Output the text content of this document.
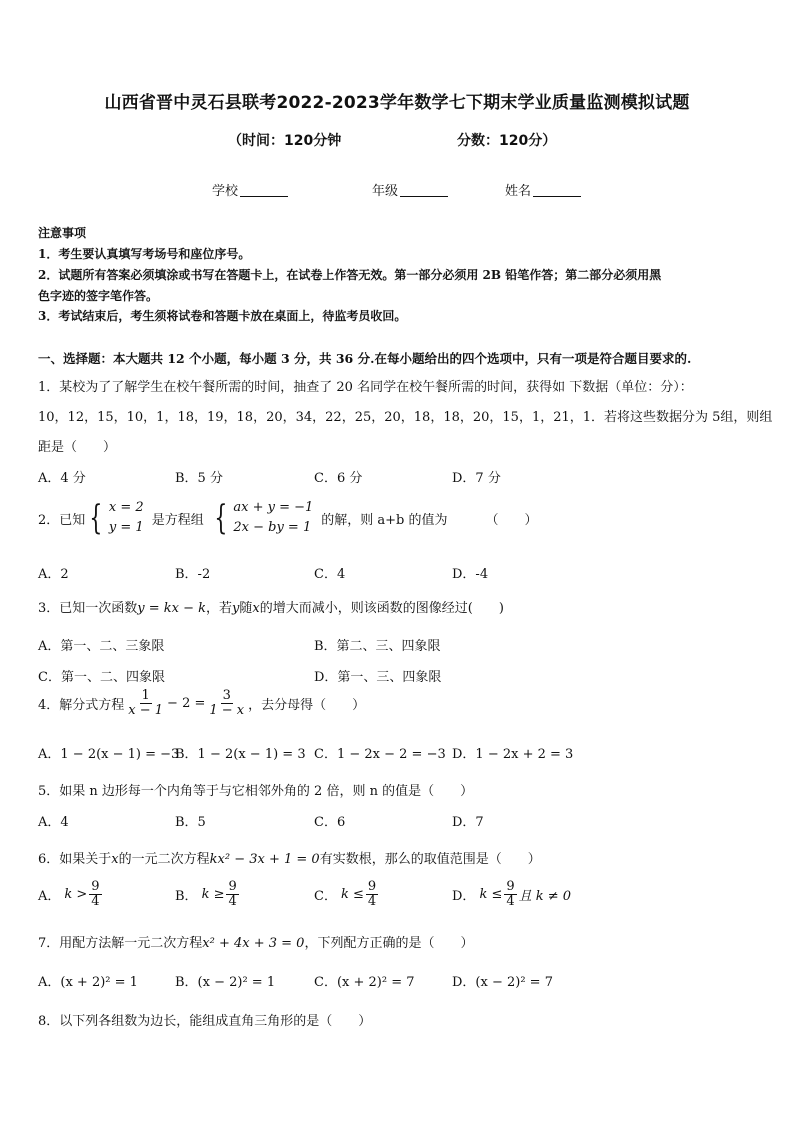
山西省晋中灵石县联考2022-2023学年数学七下期末学业质量监测模拟试题
（时间：120分钟	分数：120分）
学校	年级	姓名
注意事项
1．考生要认真填写考场号和座位序号。
2．试题所有答案必须填涂或书写在答题卡上，在试卷上作答无效。第一部分必须用 2B 铅笔作答；第二部分必须用黑
色字迹的签字笔作答。
3．考试结束后，考生须将试卷和答题卡放在桌面上，待监考员收回。
一、选择题：本大题共 12 个小题，每小题 3 分，共 36 分.在每小题给出的四个选项中，只有一项是符合题目要求的.
1．某校为了了解学生在校午餐所需的时间，抽查了 20 名同学在校午餐所需的时间，获得如 下数据（单位：分）：
10，12，15，10，1，18，19，18，20，34，22，25，20，18，18，20，15，1，21，1．若将这些数据分为 5组，则组
距是（　　）
A．4 分	B．5 分	C．6 分	D．7 分
2．已知 { x = 2
y = 1 是方程组 { ax + y = −1
2x − by = 1 的解，则 a+b 的值为	（　　）
A．2	B．-2	C．4	D．-4
3．已知一次函数y = kx − k，若y随x的增大而减小，则该函数的图像经过(　　)
A．第一、二、三象限	B．第二、三、四象限
C．第一、二、四象限	D．第一、三、四象限
4．解分式方程 $\frac{1}{x - 1} - 2 = \frac{3}{1 - x}$ ，去分母得（　　）
A．1 − 2(x − 1) = −3
B．1 − 2(x − 1) = 3 C．1 − 2x − 2 = −3 D．1 − 2x + 2 = 3
5．如果 n 边形每一个内角等于与它相邻外角的 2 倍，则 n 的值是（　　）
A．4	B．5	C．6	D．7
6．如果关于x的一元二次方程kx² − 3x + 1 = 0有实数根，那么的取值范围是（　　）
A． $k > \frac{9}{4}$	B． $k \ge \frac{9}{4}$	C． $k \le \frac{9}{4}$	D． $k \le \frac{9}{4}$ 且 k ≠ 0
7．用配方法解一元二次方程x² + 4x + 3 = 0，下列配方正确的是（　　）
A．(x + 2)² = 1	B．(x − 2)² = 1	C．(x + 2)² = 7	D．(x − 2)² = 7
8．以下列各组数为边长，能组成直角三角形的是（　　）
